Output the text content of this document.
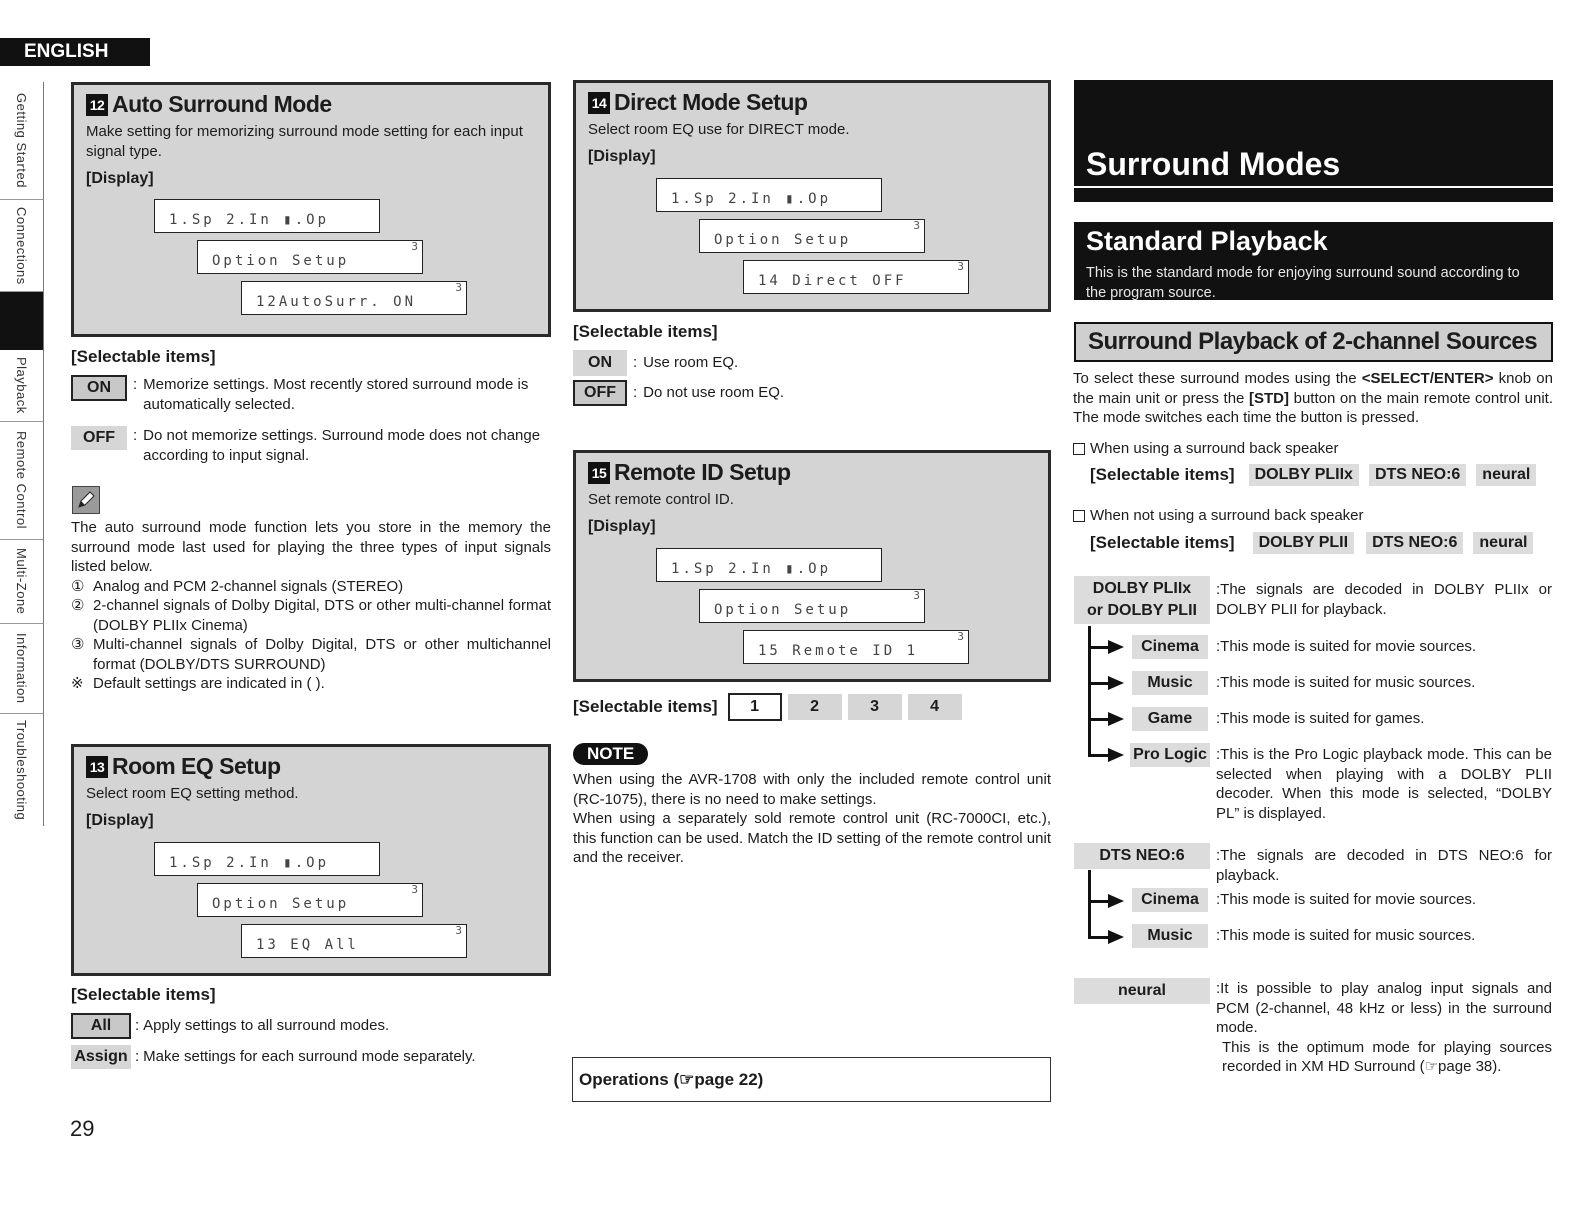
ENGLISH
Getting Started
Connections
Playback
Remote Control
Multi-Zone
Information
Troubleshooting
12 Auto Surround Mode
Make setting for memorizing surround mode setting for each input signal type.
[Display]
1.Sp 2.In ▮.Op
Option Setup
3
12AutoSurr. ON
3
[Selectable items]
ON	: Memorize settings. Most recently stored surround mode is automatically selected.
OFF	: Do not memorize settings. Surround mode does not change according to input signal.

The auto surround mode function lets you store in the memory the surround mode last used for playing the three types of input signals listed below.

① Analog and PCM 2-channel signals (STEREO)
② 2-channel signals of Dolby Digital, DTS or other multi-channel format (DOLBY PLIIx Cinema)
③ Multi-channel signals of Dolby Digital, DTS or other multichannel format (DOLBY/DTS SURROUND)
※ Default settings are indicated in ( ).
13 Room EQ Setup
Select room EQ setting method.
[Display]
1.Sp 2.In ▮.Op
Option Setup
3
13 EQ All
3
[Selectable items]
All	: Apply settings to all surround modes.
Assign : Make settings for each surround mode separately.
29
14 Direct Mode Setup
Select room EQ use for DIRECT mode.
[Display]
1.Sp 2.In ▮.Op
Option Setup
3
14 Direct OFF
3
[Selectable items]
ON	: Use room EQ.
OFF	: Do not use room EQ.
15 Remote ID Setup
Set remote control ID.
[Display]
1.Sp 2.In ▮.Op
Option Setup
3
15 Remote ID 1
3
[Selectable items]	1	2	3	4
NOTE

When using the AVR-1708 with only the included remote control unit (RC-1075), there is no need to make settings.

When using a separately sold remote control unit (RC-7000CI, etc.), this function can be used. Match the ID setting of the remote control unit and the receiver.

Operations (☞page 22)
Surround Modes
Standard Playback
This is the standard mode for enjoying surround sound according to the program source.
Surround Playback of 2-channel Sources
To select these surround modes using the <SELECT/ENTER> knob on the main unit or press the [STD] button on the main remote control unit. The mode switches each time the button is pressed.
When using a surround back speaker
[Selectable items]	DOLBY PLIIx	DTS NEO:6	neural
When not using a surround back speaker
[Selectable items]	DOLBY PLII	DTS NEO:6	neural
DOLBY PLIIx
or DOLBY PLII
:The signals are decoded in DOLBY PLIIx or DOLBY PLII for playback.
Cinema	:This mode is suited for movie sources.
Music	:This mode is suited for music sources.
Game	:This mode is suited for games.
Pro Logic :This is the Pro Logic playback mode. This can be selected when playing with a DOLBY PLII decoder. When this mode is selected, “DOLBY PL” is displayed.
DTS NEO:6	:The signals are decoded in DTS NEO:6 for playback.
Cinema	:This mode is suited for movie sources.
Music	:This mode is suited for music sources.
neural	:It is possible to play analog input signals and PCM (2-channel, 48 kHz or less) in the surround mode.

This is the optimum mode for playing sources recorded in XM HD Surround (☞page 38).
